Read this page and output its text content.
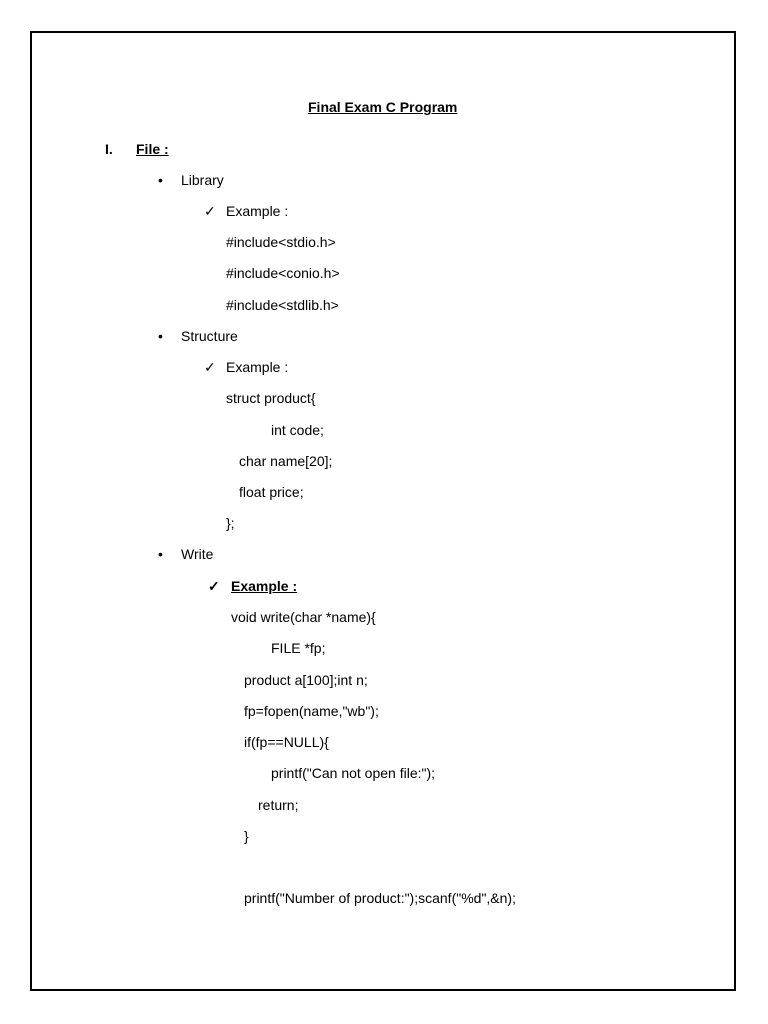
Final Exam C Program
I. File :
• Library
✓ Example :
#include<stdio.h>
#include<conio.h>
#include<stdlib.h>
• Structure
✓ Example :
struct product{
int code;
char name[20];
float price;
};
• Write
✓ Example :
void write(char *name){
FILE *fp;
product a[100];int n;
fp=fopen(name,"wb");
if(fp==NULL){
printf("Can not open file:");
return;
}
printf("Number of product:");scanf("%d",&n);
